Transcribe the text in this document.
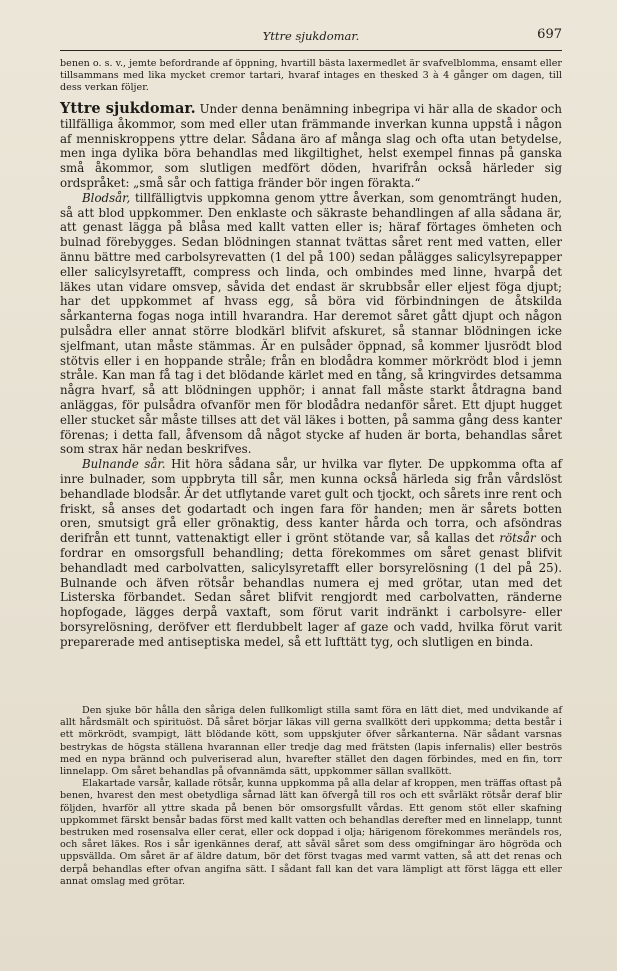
Yttre sjukdomar.	697

benen o. s. v., jemte befordrande af öppning, hvartill bästa laxermedlet är svafvelblomma, ensamt eller tillsammans med lika mycket cremor tartari, hvaraf intages en thesked 3 à 4 gånger om dagen, till dess verkan följer.

Yttre sjukdomar. Under denna benämning inbegripa vi här alla de skador och tillfälliga åkommor, som med eller utan främmande inverkan kunna uppstå i någon af menniskroppens yttre delar. Sådana äro af många slag och ofta utan betydelse, men inga dylika böra behandlas med likgiltighet, helst exempel finnas på ganska små åkommor, som slutligen medfört döden, hvarifrån också härleder sig ordspråket: „små sår och fattiga fränder bör ingen förakta.“

Blodsår, tillfälligtvis uppkomna genom yttre åverkan, som genomträngt huden, så att blod uppkommer. Den enklaste och säkraste behandlingen af alla sådana är, att genast lägga på blåsa med kallt vatten eller is; häraf förtages ömheten och bulnad förebygges. Sedan blödningen stannat tvättas såret rent med vatten, eller ännu bättre med carbolsyrevatten (1 del på 100) sedan pålägges salicylsyrepapper eller salicylsyretafft, compress och linda, och ombindes med linne, hvarpå det läkes utan vidare omsvep, såvida det endast är skrubbsår eller eljest föga djupt; har det uppkommet af hvass egg, så böra vid förbindningen de åtskilda sårkanterna fogas noga intill hvarandra. Har deremot såret gått djupt och någon pulsådra eller annat större blodkärl blifvit afskuret, så stannar blödningen icke sjelfmant, utan måste stämmas. Är en pulsåder öppnad, så kommer ljusrödt blod stötvis eller i en hoppande stråle; från en blodådra kommer mörkrödt blod i jemn stråle. Kan man få tag i det blödande kärlet med en tång, så kringvirdes detsamma några hvarf, så att blödningen upphör; i annat fall måste starkt åtdragna band anläggas, för pulsådra ofvanför men för blodådra nedanför såret. Ett djupt hugget eller stucket sår måste tillses att det väl läkes i botten, på samma gång dess kanter förenas; i detta fall, åfvensom då något stycke af huden är borta, behandlas såret som strax här nedan beskrifves.

Bulnande sår. Hit höra sådana sår, ur hvilka var flyter. De uppkomma ofta af inre bulnader, som uppbryta till sår, men kunna också härleda sig från vårdslöst behandlade blodsår. Är det utflytande varet gult och tjockt, och sårets inre rent och friskt, så anses det godartadt och ingen fara för handen; men är sårets botten oren, smutsigt grå eller grönaktig, dess kanter hårda och torra, och afsöndras derifrån ett tunnt, vattenaktigt eller i grönt stötande var, så kallas det rötsår och fordrar en omsorgsfull behandling; detta förekommes om såret genast blifvit behandladt med carbolvatten, salicylsyretafft eller borsyrelösning (1 del på 25). Bulnande och äfven rötsår behandlas numera ej med grötar, utan med det Listerska förbandet. Sedan såret blifvit rengjordt med carbolvatten, ränderne hopfogade, lägges derpå vaxtaft, som förut varit indränkt i carbolsyre- eller borsyrelösning, deröfver ett flerdubbelt lager af gaze och vadd, hvilka förut varit preparerade med antiseptiska medel, så ett lufttätt tyg, och slutligen en binda.

Den sjuke bör hålla den såriga delen fullkomligt stilla samt föra en lätt diet, med undvikande af allt hårdsmält och spirituöst. Då såret börjar läkas vill gerna svallkött deri uppkomma; detta består i ett mörkrödt, svampigt, lätt blödande kött, som uppskjuter öfver sårkanterna. När sådant varsnas bestrykas de högsta ställena hvarannan eller tredje dag med frätsten (lapis infernalis) eller beströs med en nypa brännd och pulveriserad alun, hvarefter stället den dagen förbindes, med en fin, torr linnelapp. Om såret behandlas på ofvannämda sätt, uppkommer sällan svallkött.

Elakartade varsår, kallade rötsår, kunna uppkomma på alla delar af kroppen, men träffas oftast på benen, hvarest den mest obetydliga sårnad lätt kan öfvergå till ros och ett svårläkt rötsår deraf blir följden, hvarför all yttre skada på benen bör omsorgsfullt vårdas. Ett genom stöt eller skafning uppkommet färskt bensår badas först med kallt vatten och behandlas derefter med en linnelapp, tunnt bestruken med rosensalva eller cerat, eller ock doppad i olja; härigenom förekommes merändels ros, och såret läkes. Ros i sår igenkännes deraf, att såväl såret som dess omgifningar äro högröda och uppsvällda. Om såret är af äldre datum, bör det först tvagas med varmt vatten, så att det renas och derpå behandlas efter ofvan angifna sätt. I sådant fall kan det vara lämpligt att först lägga ett eller annat omslag med grötar.
